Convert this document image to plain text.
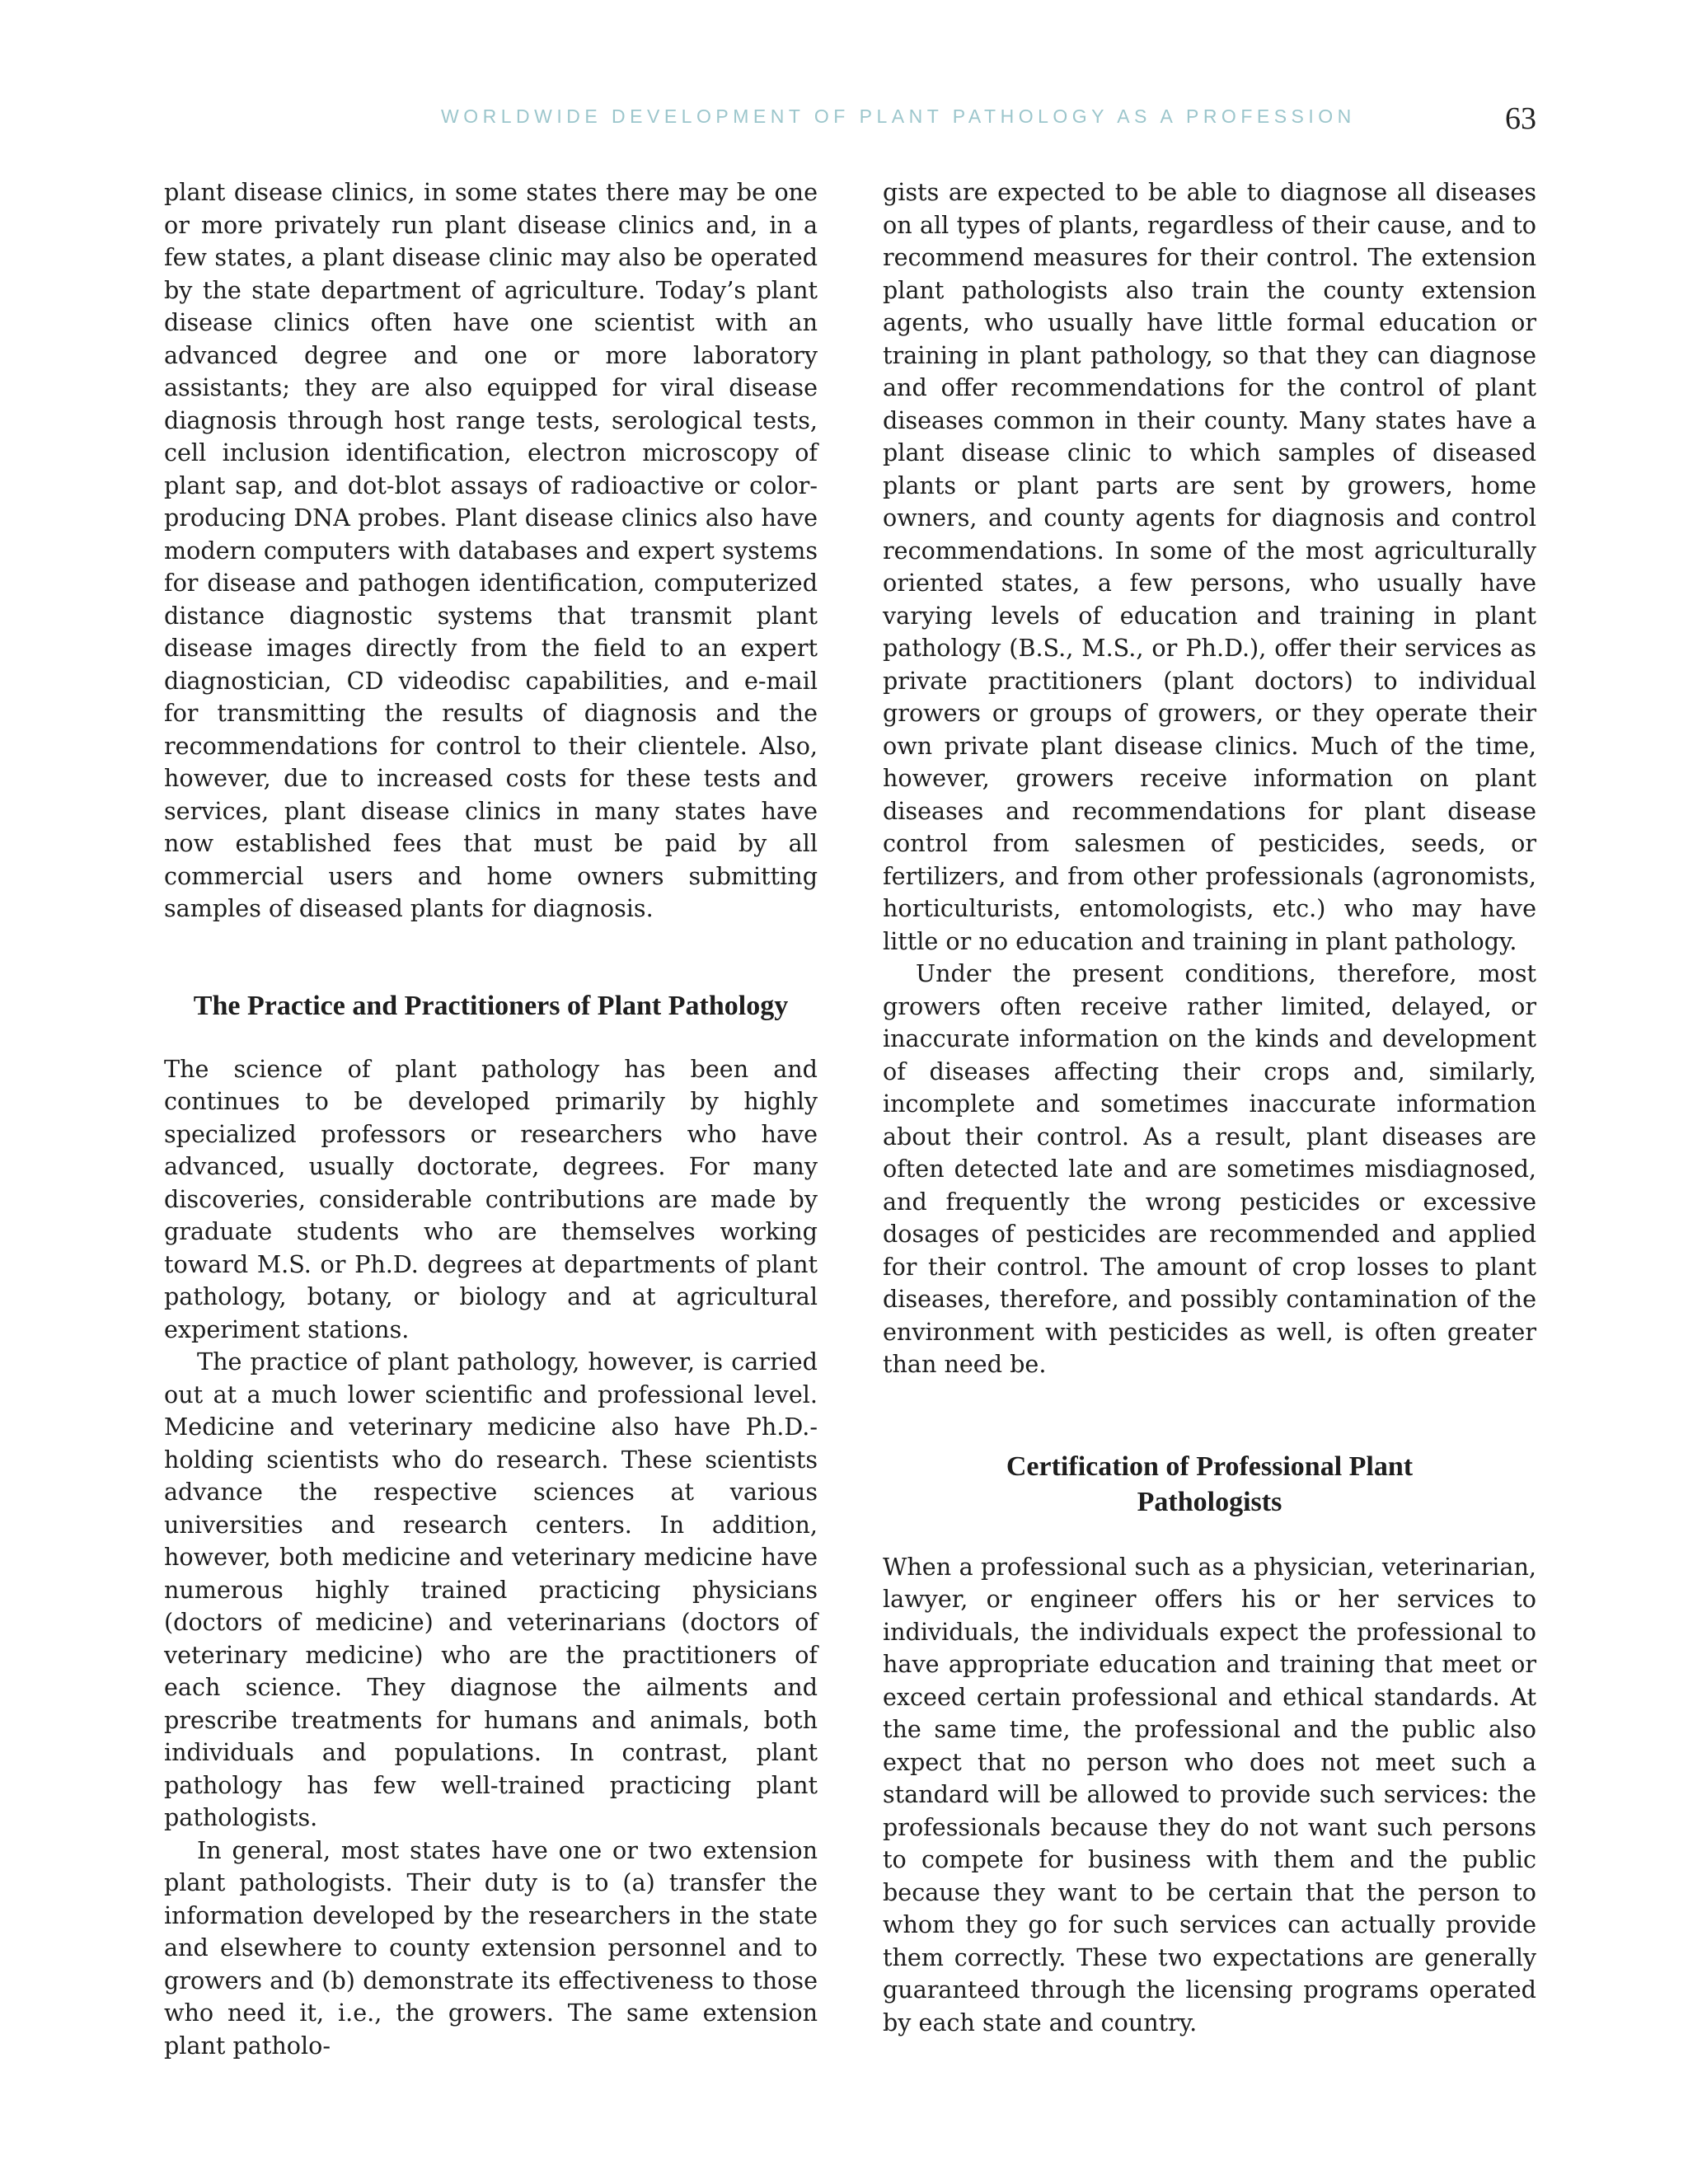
WORLDWIDE DEVELOPMENT OF PLANT PATHOLOGY AS A PROFESSION	63

plant disease clinics, in some states there may be one or more privately run plant disease clinics and, in a few states, a plant disease clinic may also be operated by the state department of agriculture. Today’s plant disease clinics often have one scientist with an advanced degree and one or more laboratory assistants; they are also equipped for viral disease diagnosis through host range tests, serological tests, cell inclusion identification, electron microscopy of plant sap, and dot-blot assays of radioactive or color-producing DNA probes. Plant disease clinics also have modern computers with databases and expert systems for disease and pathogen identification, computerized distance diagnostic systems that transmit plant disease images directly from the field to an expert diagnostician, CD videodisc capabilities, and e-mail for transmitting the results of diagnosis and the recommendations for control to their clientele. Also, however, due to increased costs for these tests and services, plant disease clinics in many states have now established fees that must be paid by all commercial users and home owners submitting samples of diseased plants for diagnosis.

The Practice and Practitioners of Plant Pathology

The science of plant pathology has been and continues to be developed primarily by highly specialized professors or researchers who have advanced, usually doctorate, degrees. For many discoveries, considerable contributions are made by graduate students who are themselves working toward M.S. or Ph.D. degrees at departments of plant pathology, botany, or biology and at agricultural experiment stations.

The practice of plant pathology, however, is carried out at a much lower scientific and professional level. Medicine and veterinary medicine also have Ph.D.-holding scientists who do research. These scientists advance the respective sciences at various universities and research centers. In addition, however, both medicine and veterinary medicine have numerous highly trained practicing physicians (doctors of medicine) and veterinarians (doctors of veterinary medicine) who are the practitioners of each science. They diagnose the ailments and prescribe treatments for humans and animals, both individuals and populations. In contrast, plant pathology has few well-trained practicing plant pathologists.

In general, most states have one or two extension plant pathologists. Their duty is to (a) transfer the information developed by the researchers in the state and elsewhere to county extension personnel and to growers and (b) demonstrate its effectiveness to those who need it, i.e., the growers. The same extension plant patholo-

gists are expected to be able to diagnose all diseases on all types of plants, regardless of their cause, and to recommend measures for their control. The extension plant pathologists also train the county extension agents, who usually have little formal education or training in plant pathology, so that they can diagnose and offer recommendations for the control of plant diseases common in their county. Many states have a plant disease clinic to which samples of diseased plants or plant parts are sent by growers, home owners, and county agents for diagnosis and control recommendations. In some of the most agriculturally oriented states, a few persons, who usually have varying levels of education and training in plant pathology (B.S., M.S., or Ph.D.), offer their services as private practitioners (plant doctors) to individual growers or groups of growers, or they operate their own private plant disease clinics. Much of the time, however, growers receive information on plant diseases and recommendations for plant disease control from salesmen of pesticides, seeds, or fertilizers, and from other professionals (agronomists, horticulturists, entomologists, etc.) who may have little or no education and training in plant pathology.

Under the present conditions, therefore, most growers often receive rather limited, delayed, or inaccurate information on the kinds and development of diseases affecting their crops and, similarly, incomplete and sometimes inaccurate information about their control. As a result, plant diseases are often detected late and are sometimes misdiagnosed, and frequently the wrong pesticides or excessive dosages of pesticides are recommended and applied for their control. The amount of crop losses to plant diseases, therefore, and possibly contamination of the environment with pesticides as well, is often greater than need be.

Certification of Professional Plant
Pathologists

When a professional such as a physician, veterinarian, lawyer, or engineer offers his or her services to individuals, the individuals expect the professional to have appropriate education and training that meet or exceed certain professional and ethical standards. At the same time, the professional and the public also expect that no person who does not meet such a standard will be allowed to provide such services: the professionals because they do not want such persons to compete for business with them and the public because they want to be certain that the person to whom they go for such services can actually provide them correctly. These two expectations are generally guaranteed through the licensing programs operated by each state and country.
